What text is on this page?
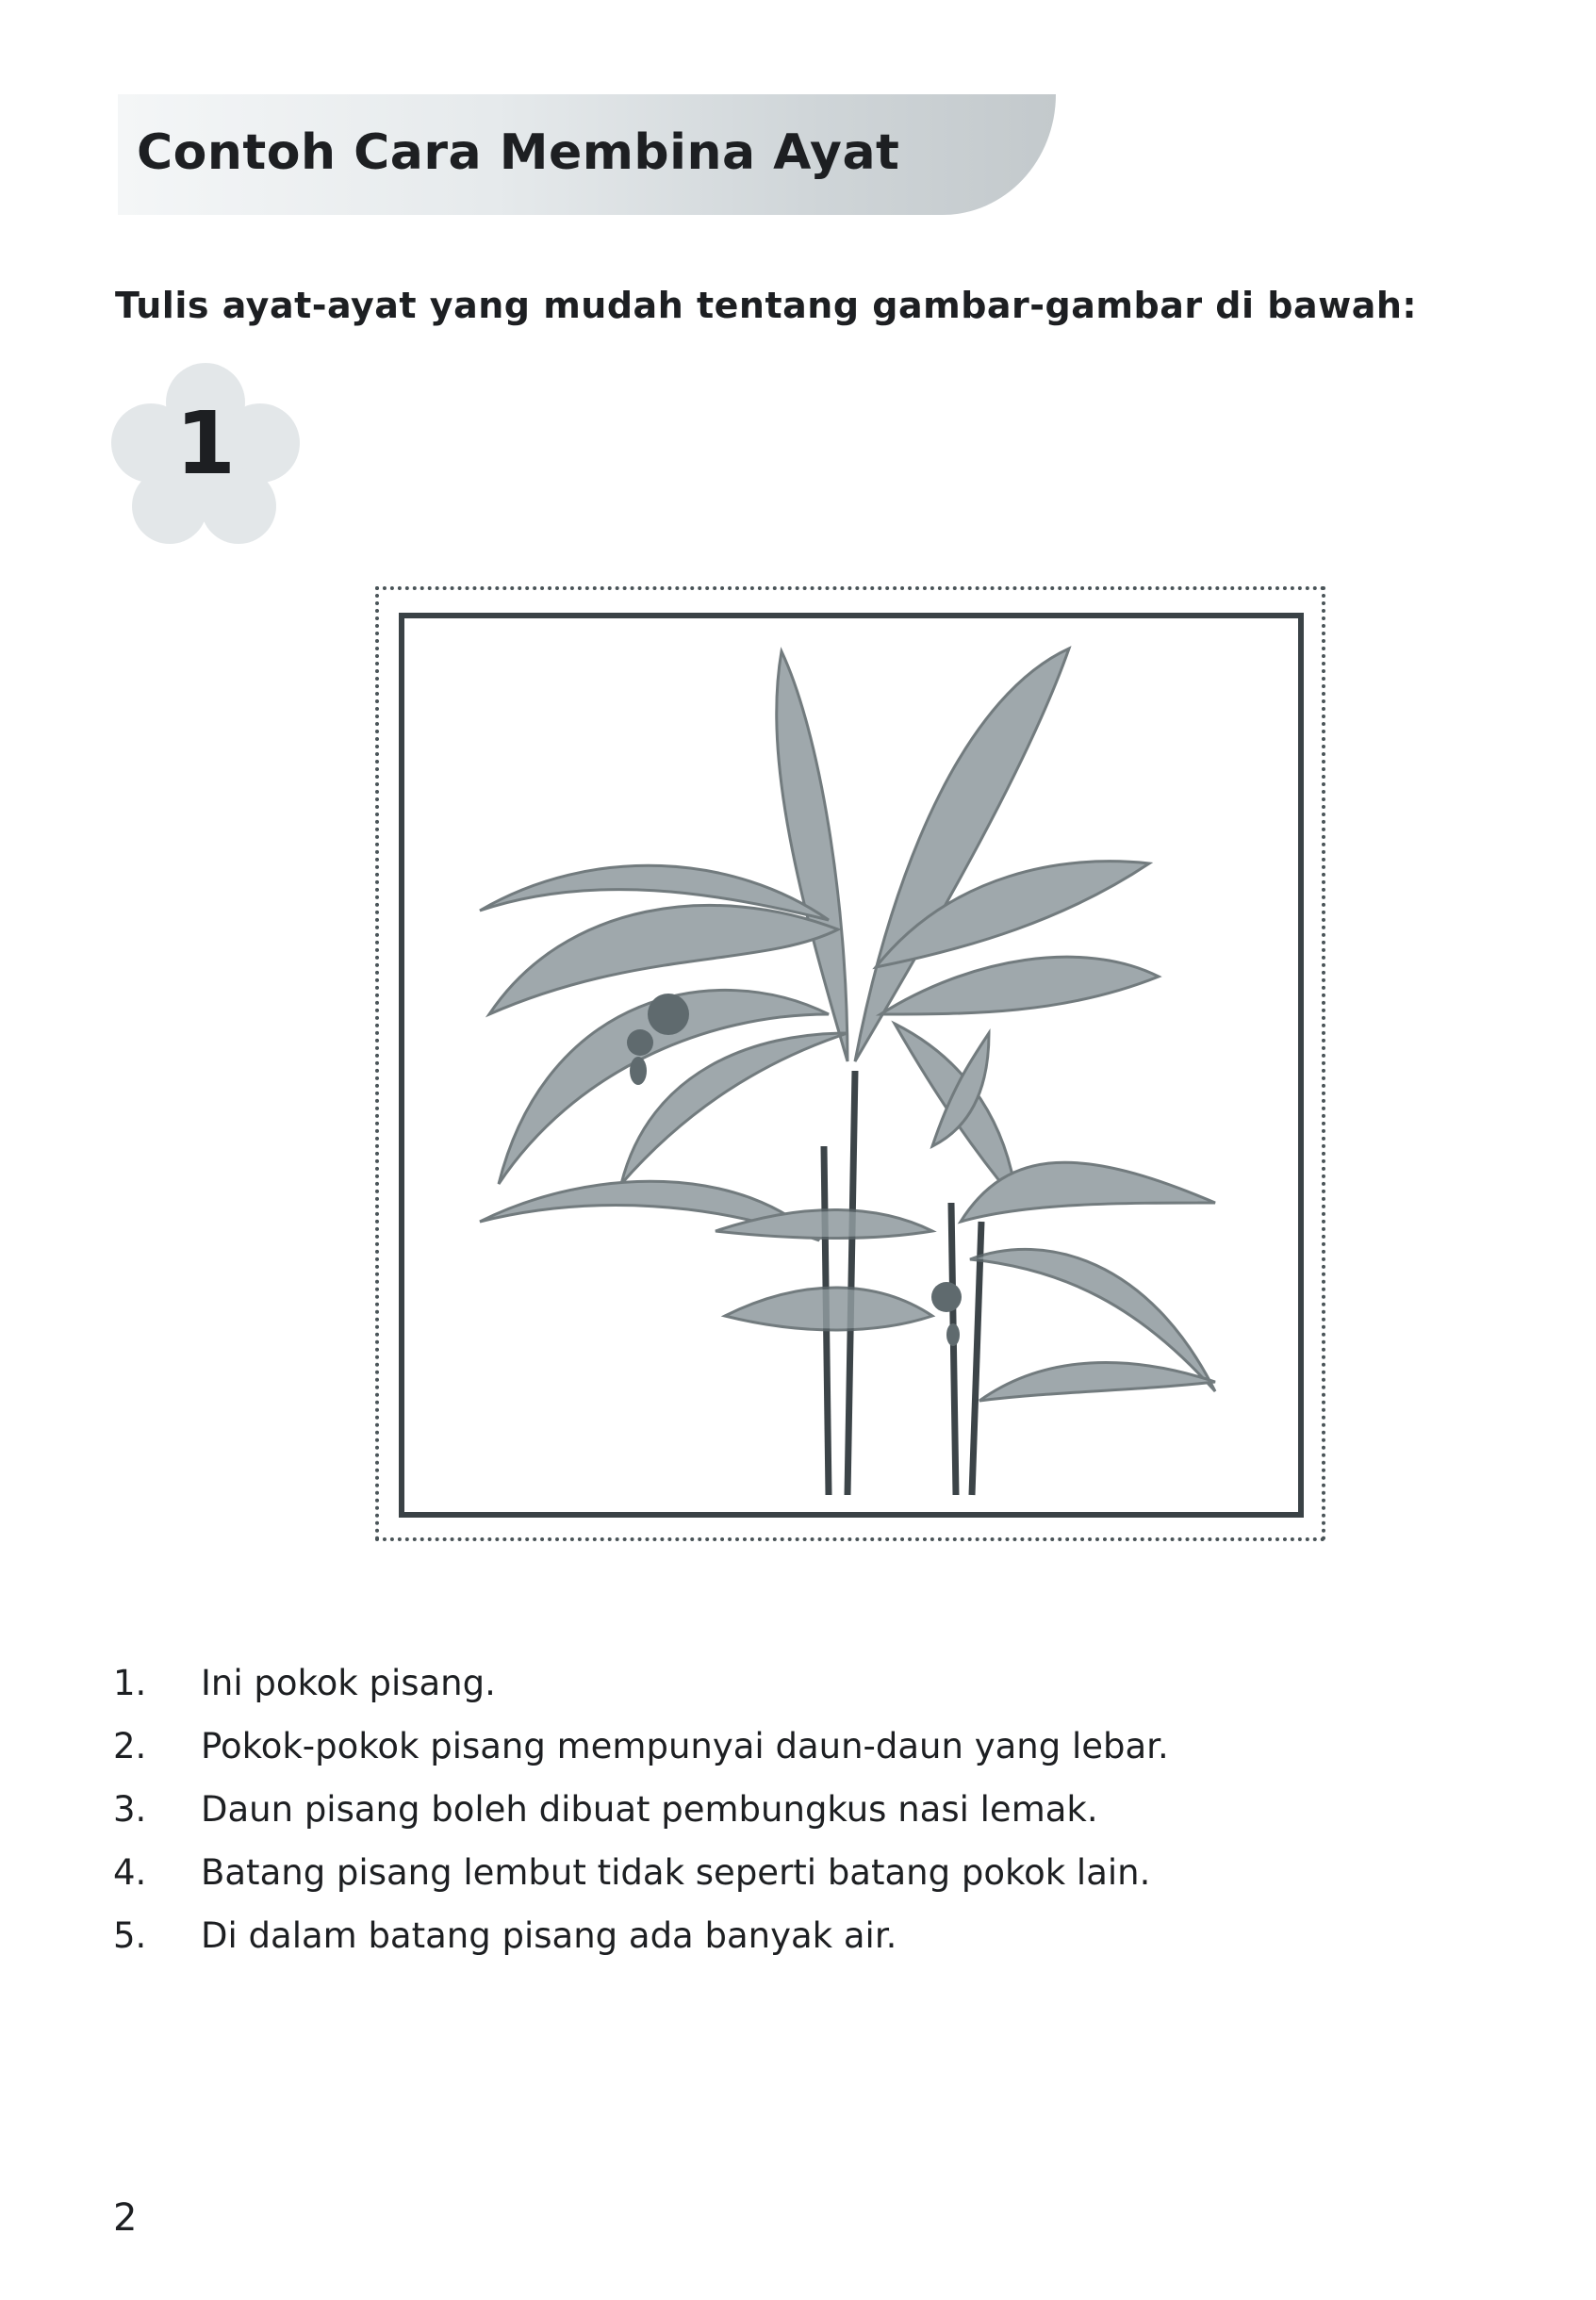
Contoh Cara Membina Ayat
Tulis ayat-ayat yang mudah tentang gambar-gambar di bawah:
1
1.	Ini pokok pisang.
2.	Pokok-pokok pisang mempunyai daun-daun yang lebar.
3.	Daun pisang boleh dibuat pembungkus nasi lemak.
4.	Batang pisang lembut tidak seperti batang pokok lain.
5.	Di dalam batang pisang ada banyak air.
2
